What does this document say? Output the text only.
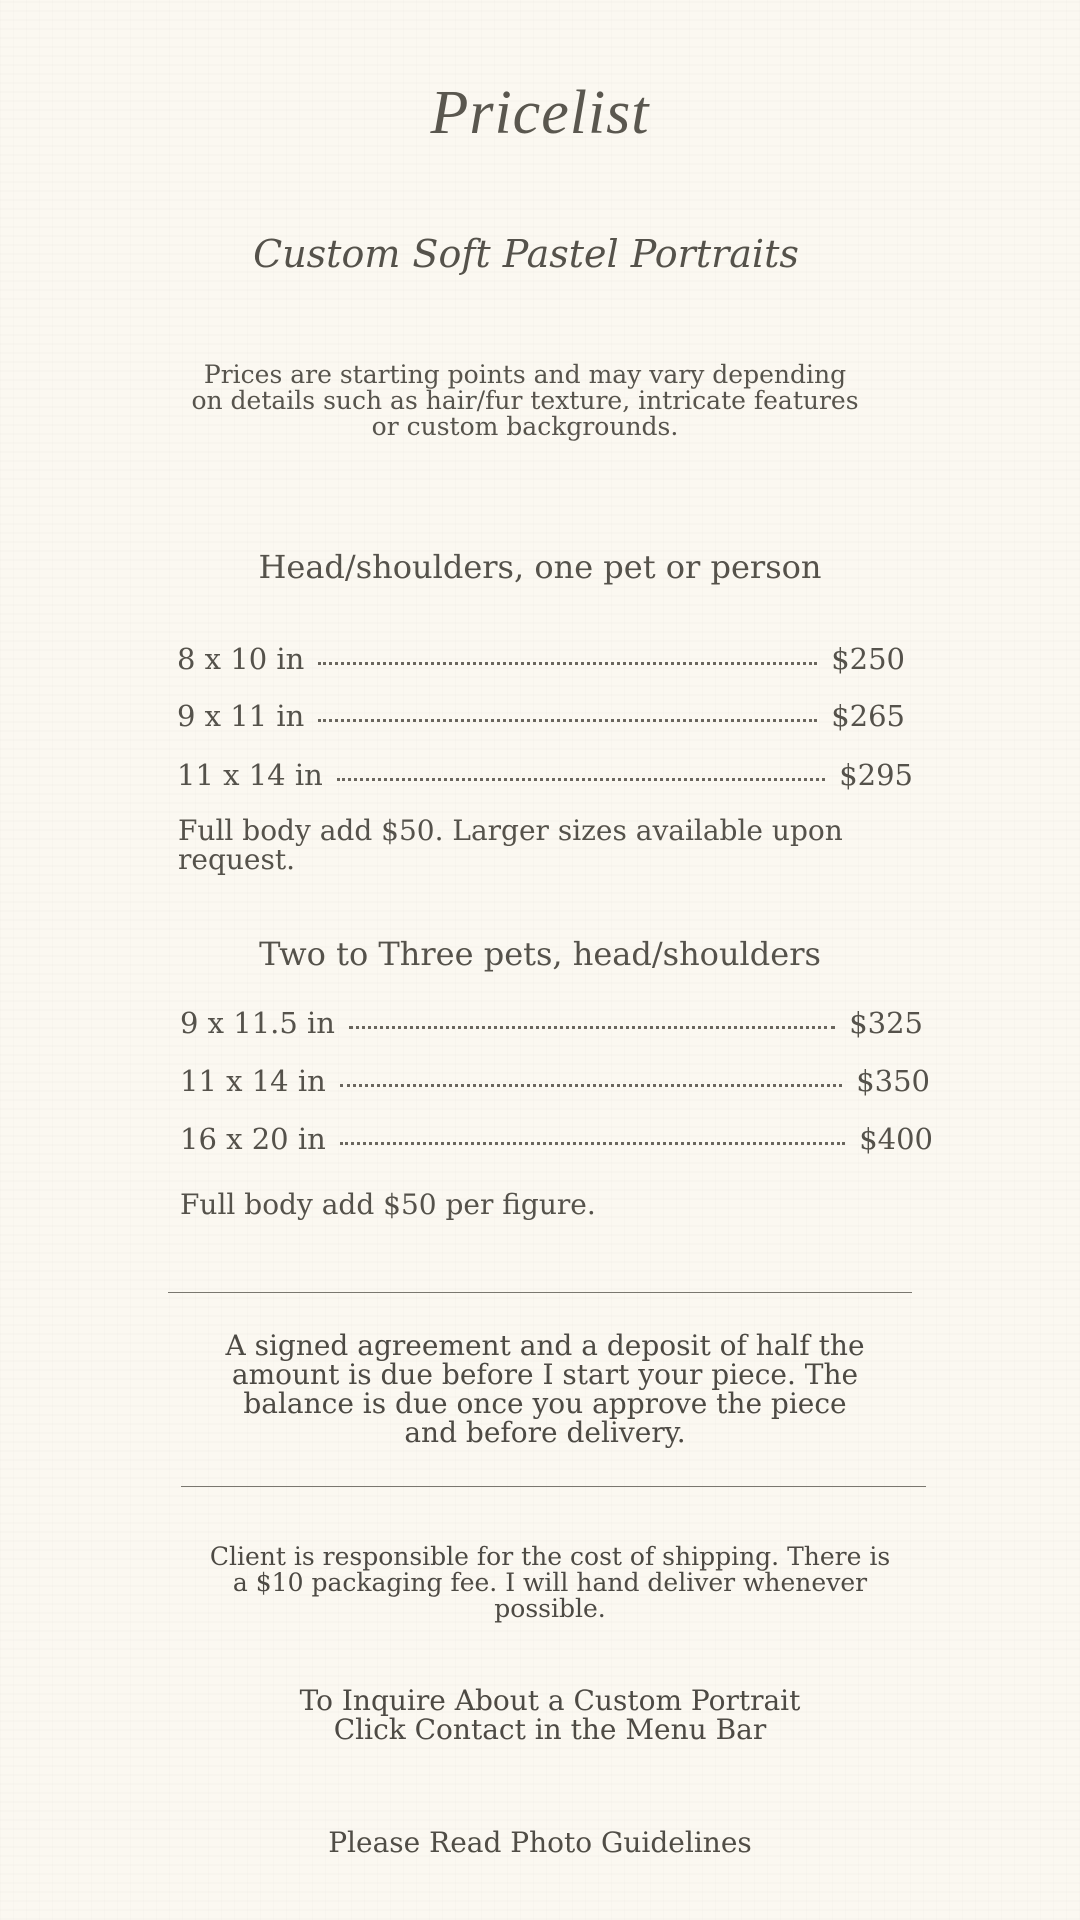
Pricelist
Custom Soft Pastel Portraits
Prices are starting points and may vary depending on details such as hair/fur texture, intricate features or custom backgrounds.
Head/shoulders, one pet or person
8 x 10 in	$250
9 x 11 in	$265
11 x 14 in	$295
Full body add $50. Larger sizes available upon request.
Two to Three pets, head/shoulders
9 x 11.5 in	$325
11 x 14 in	$350
16 x 20 in	$400
Full body add $50 per figure.
A signed agreement and a deposit of half the amount is due before I start your piece. The balance is due once you approve the piece and before delivery.
Client is responsible for the cost of shipping. There is a $10 packaging fee. I will hand deliver whenever possible.
To Inquire About a Custom Portrait
Click Contact in the Menu Bar
Please Read Photo Guidelines
